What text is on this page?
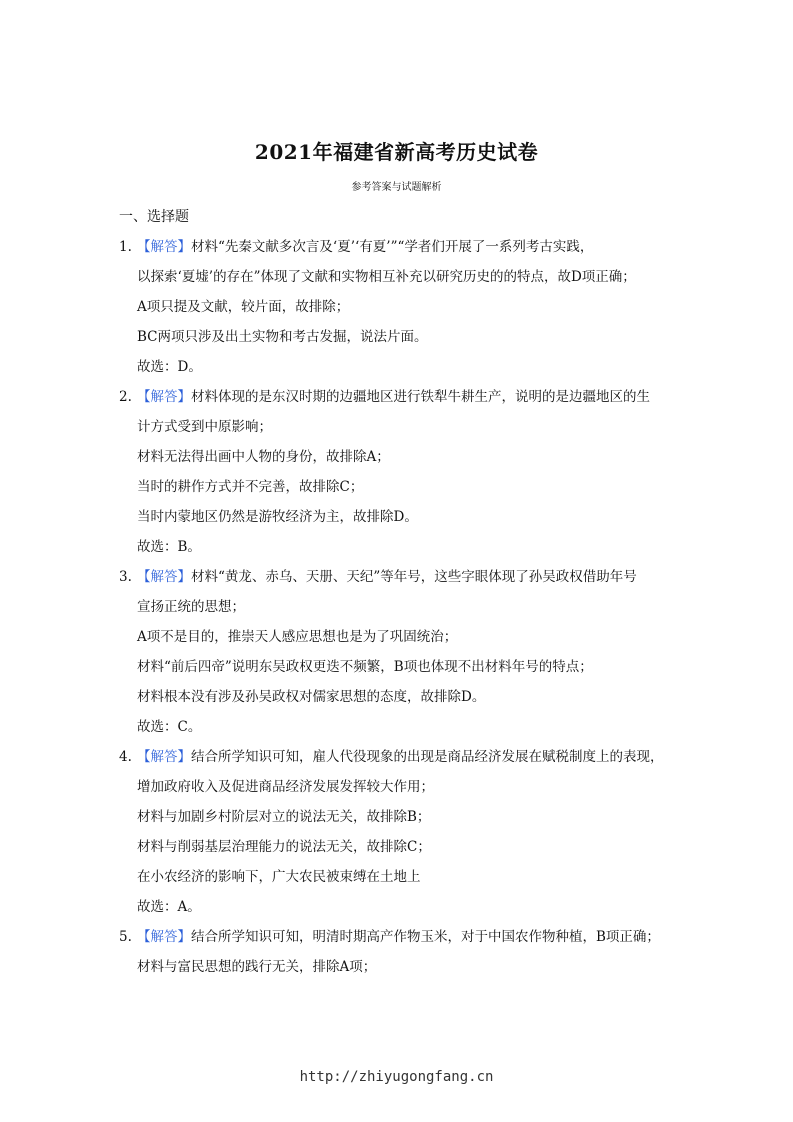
2021年福建省新高考历史试卷
参考答案与试题解析
一、选择题
1. 【解答】材料“先秦文献多次言及‘夏’‘有夏’”“学者们开展了一系列考古实践，
以探索‘夏墟’的存在”体现了文献和实物相互补充以研究历史的的特点，故D项正确；
A项只提及文献，较片面，故排除；
BC两项只涉及出土实物和考古发掘，说法片面。
故选：D。
2. 【解答】材料体现的是东汉时期的边疆地区进行铁犁牛耕生产，说明的是边疆地区的生
计方式受到中原影响；
材料无法得出画中人物的身份，故排除A；
当时的耕作方式并不完善，故排除C；
当时内蒙地区仍然是游牧经济为主，故排除D。
故选：B。
3. 【解答】材料“黄龙、赤乌、天册、天纪”等年号，这些字眼体现了孙吴政权借助年号
宣扬正统的思想；
A项不是目的，推崇天人感应思想也是为了巩固统治；
材料“前后四帝”说明东吴政权更迭不频繁，B项也体现不出材料年号的特点；
材料根本没有涉及孙吴政权对儒家思想的态度，故排除D。
故选：C。
4. 【解答】结合所学知识可知，雇人代役现象的出现是商品经济发展在赋税制度上的表现，
增加政府收入及促进商品经济发展发挥较大作用；
材料与加剧乡村阶层对立的说法无关，故排除B；
材料与削弱基层治理能力的说法无关，故排除C；
在小农经济的影响下，广大农民被束缚在土地上
故选：A。
5. 【解答】结合所学知识可知，明清时期高产作物玉米，对于中国农作物种植，B项正确；
材料与富民思想的践行无关，排除A项；
http://zhiyugongfang.cn
